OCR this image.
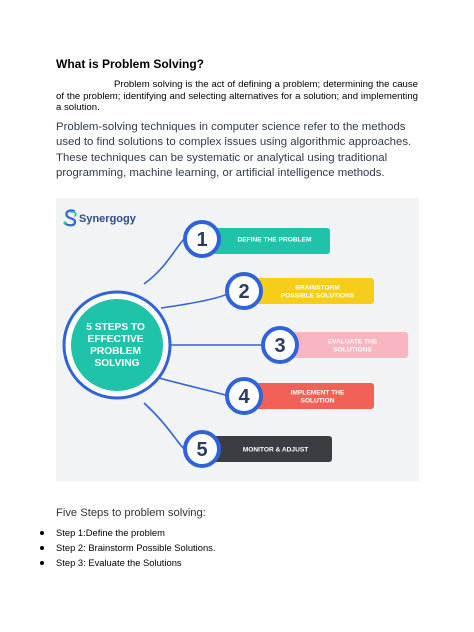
What is Problem Solving?

Problem solving is the act of defining a problem; determining the cause of the problem; identifying and selecting alternatives for a solution; and implementing a solution.

Problem-solving techniques in computer science refer to the methods used to find solutions to complex issues using algorithmic approaches. These techniques can be systematic or analytical using traditional programming, machine learning, or artificial intelligence methods.

Synergogy
1	DEFINE THE PROBLEM
2	BRAINSTORM POSSIBLE SOLUTIONS
3	EVALUATE THE SOLUTIONS
4	IMPLEMENT THE SOLUTION
5	MONITOR & ADJUST
5 STEPS TO EFFECTIVE PROBLEM SOLVING
Five Steps to problem solving:
Step 1:Define the problem
Step 2: Brainstorm Possible Solutions.
Step 3: Evaluate the Solutions
